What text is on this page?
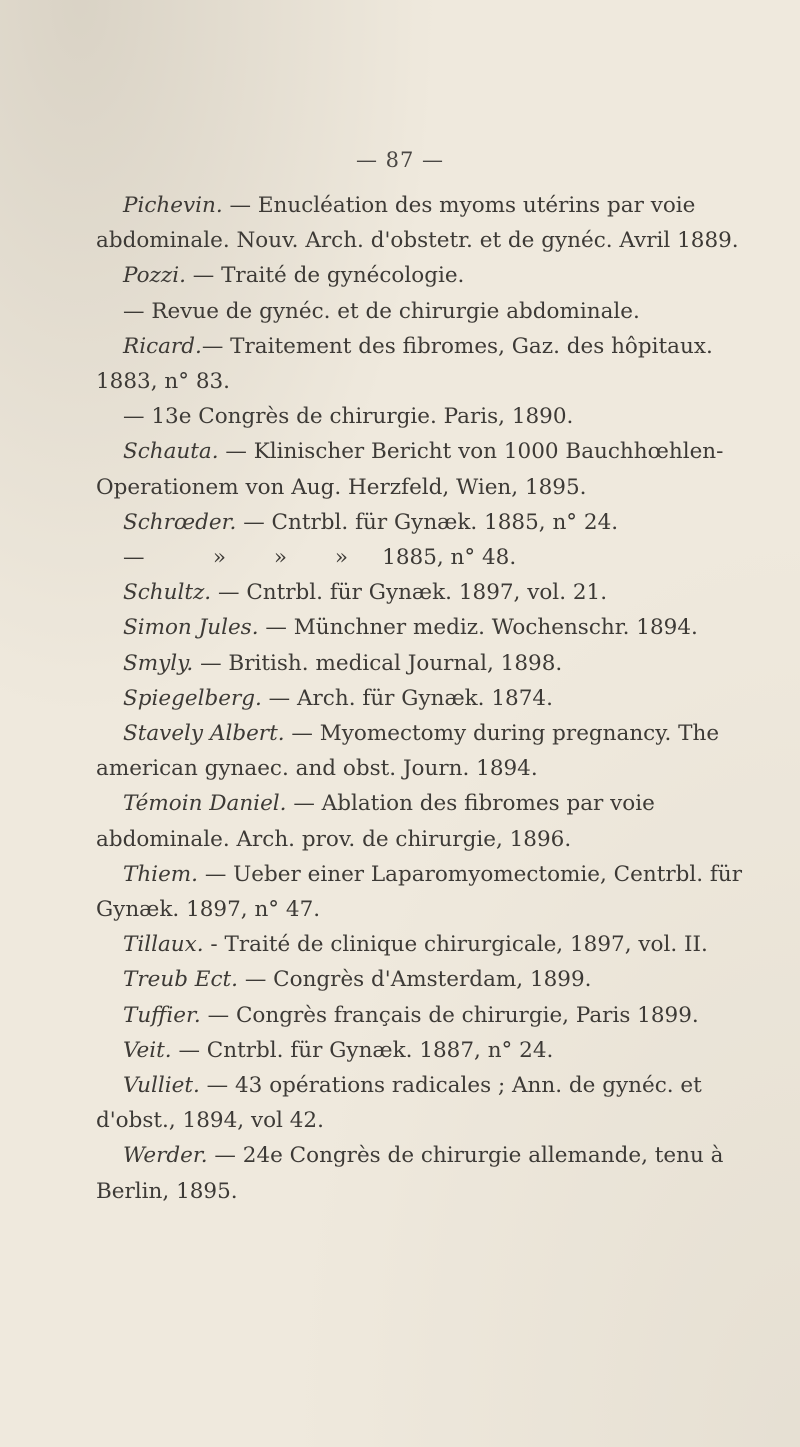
— 87 —

Pichevin. — Enucléation des myoms utérins par voie abdominale. Nouv. Arch. d'obstetr. et de gynéc. Avril 1889.

Pozzi. — Traité de gynécologie.

— Revue de gynéc. et de chirurgie abdominale.

Ricard.— Traitement des fibromes, Gaz. des hôpitaux. 1883, n° 83.

— 13e Congrès de chirurgie. Paris, 1890.

Schauta. — Klinischer Bericht von 1000 Bauchhœhlen-Operationem von Aug. Herzfeld, Wien, 1895.

Schrœder. — Cntrbl. für Gynæk. 1885, n° 24.

—          »       »       »     1885, n° 48.

Schultz. — Cntrbl. für Gynæk. 1897, vol. 21.

Simon Jules. — Münchner mediz. Wochenschr. 1894.

Smyly. — British. medical Journal, 1898.

Spiegelberg. — Arch. für Gynæk. 1874.

Stavely Albert. — Myomectomy during pregnancy. The american gynaec. and obst. Journ. 1894.

Témoin Daniel. — Ablation des fibromes par voie abdominale. Arch. prov. de chirurgie, 1896.

Thiem. — Ueber einer Laparomyomectomie, Centrbl. für Gynæk. 1897, n° 47.

Tillaux. - Traité de clinique chirurgicale, 1897, vol. II.

Treub Ect. — Congrès d'Amsterdam, 1899.

Tuffier. — Congrès français de chirurgie, Paris 1899.

Veit. — Cntrbl. für Gynæk. 1887, n° 24.

Vulliet. — 43 opérations radicales ; Ann. de gynéc. et d'obst., 1894, vol 42.

Werder. — 24e Congrès de chirurgie allemande, tenu à Berlin, 1895.
